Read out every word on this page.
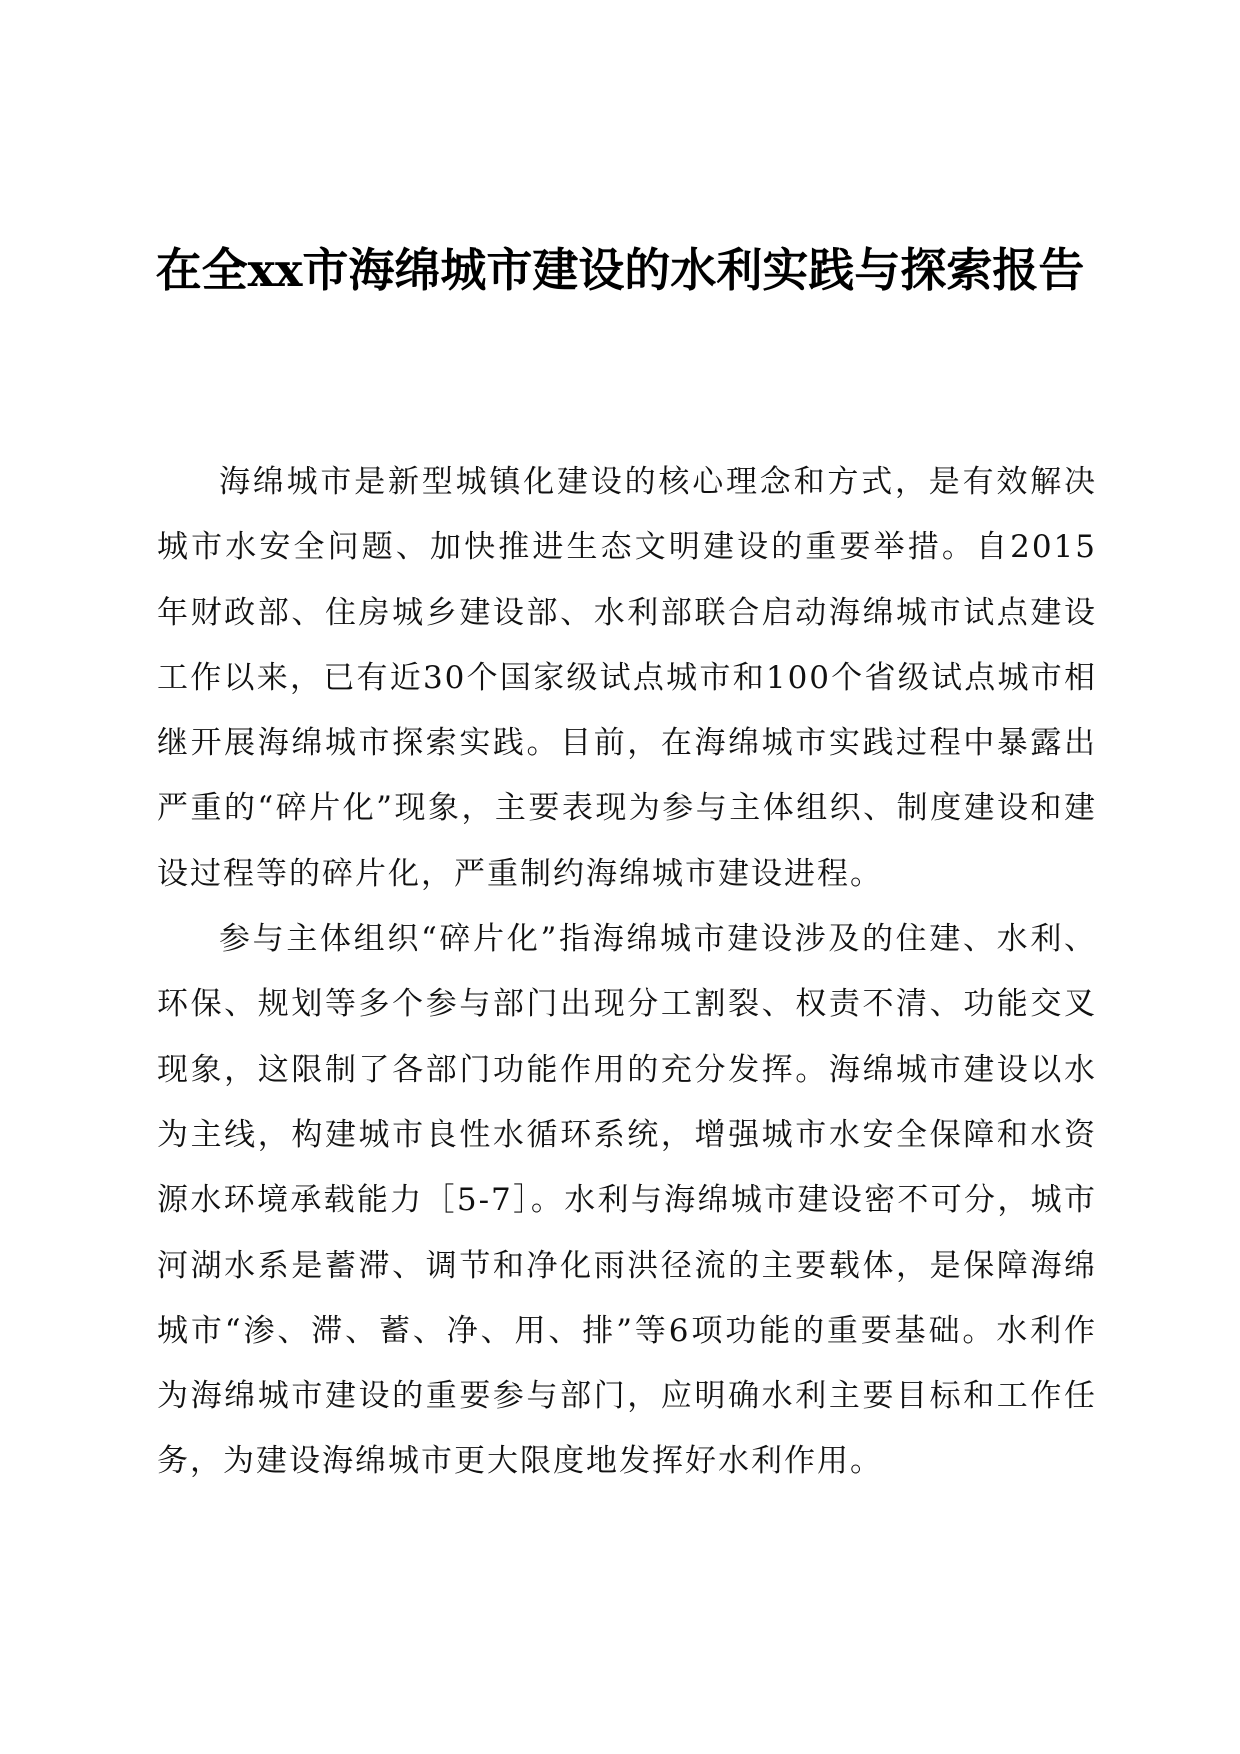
在全xx市海绵城市建设的水利实践与探索报告

海绵城市是新型城镇化建设的核心理念和方式，是有效解决城市水安全问题、加快推进生态文明建设的重要举措。自2015年财政部、住房城乡建设部、水利部联合启动海绵城市试点建设工作以来，已有近30个国家级试点城市和100个省级试点城市相继开展海绵城市探索实践。目前，在海绵城市实践过程中暴露出严重的“碎片化”现象，主要表现为参与主体组织、制度建设和建设过程等的碎片化，严重制约海绵城市建设进程。

参与主体组织“碎片化”指海绵城市建设涉及的住建、水利、环保、规划等多个参与部门出现分工割裂、权责不清、功能交叉现象，这限制了各部门功能作用的充分发挥。海绵城市建设以水为主线，构建城市良性水循环系统，增强城市水安全保障和水资源水环境承载能力［5-7］。水利与海绵城市建设密不可分，城市河湖水系是蓄滞、调节和净化雨洪径流的主要载体，是保障海绵城市“渗、滞、蓄、净、用、排”等6项功能的重要基础。水利作为海绵城市建设的重要参与部门，应明确水利主要目标和工作任务，为建设海绵城市更大限度地发挥好水利作用。
